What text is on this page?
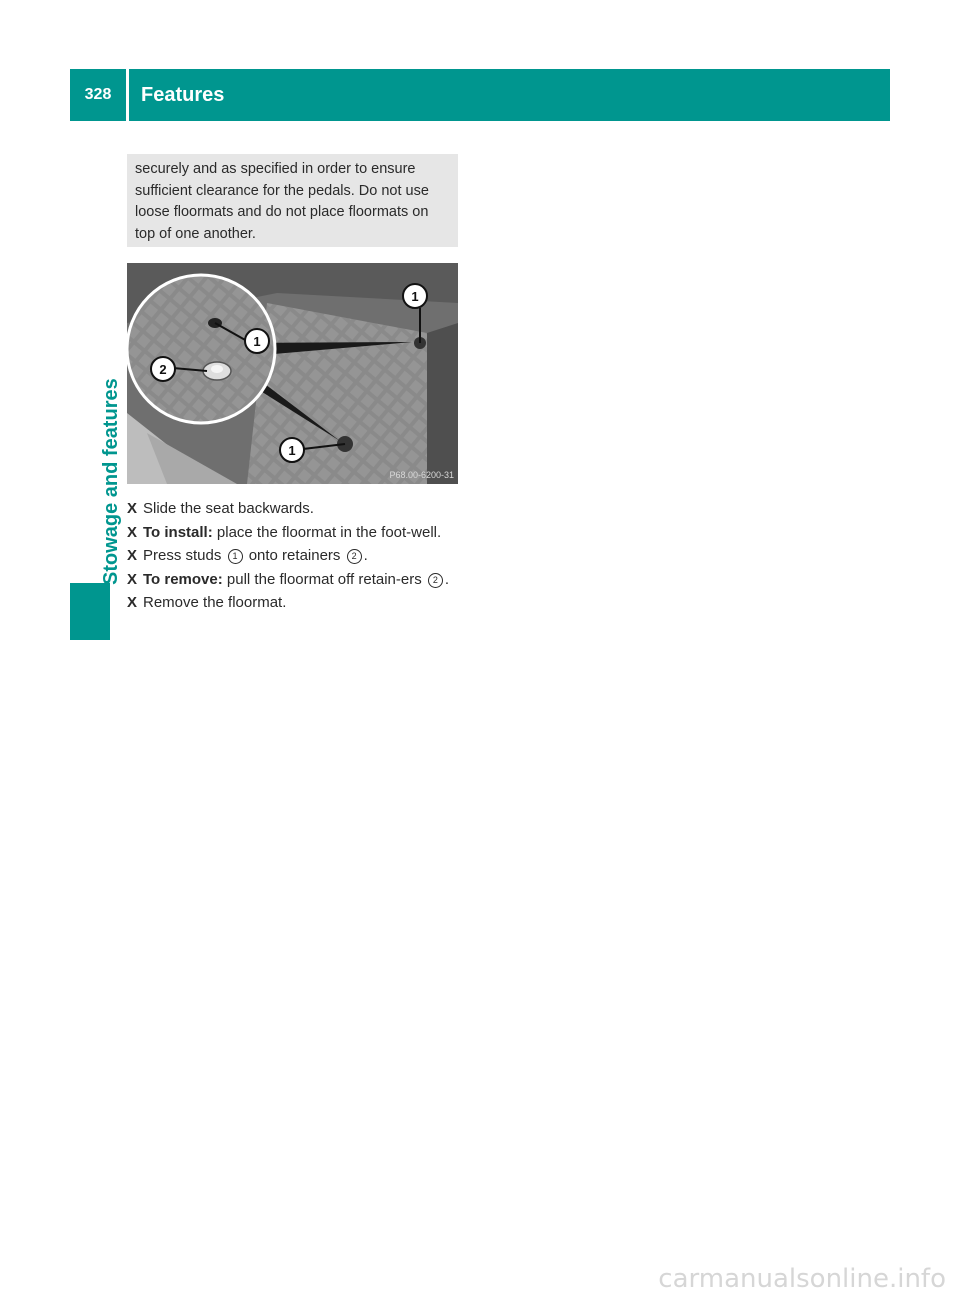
328	Features
Stowage and features
securely and as specified in order to ensure sufficient clearance for the pedals. Do not use loose floormats and do not place floormats on top of one another.
1
1
2
1
P68.00-6200-31
X Slide the seat backwards.
X To install: place the floormat in the foot-well.
X Press studs 1 onto retainers 2 .
X To remove: pull the floormat off retain-ers 2 .
X Remove the floormat.
carmanualsonline.info
